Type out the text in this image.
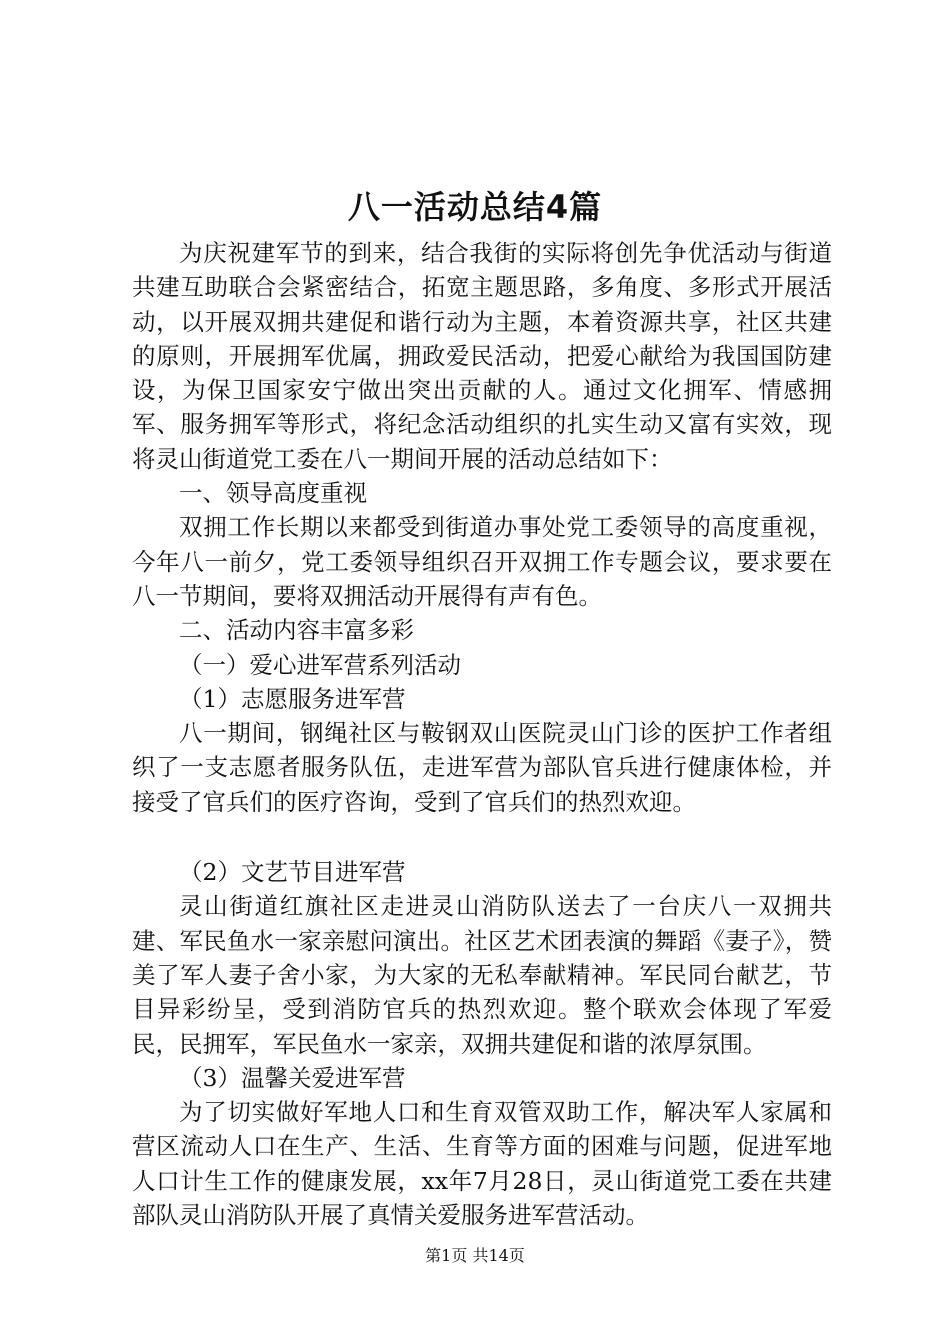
八一活动总结4篇

为庆祝建军节的到来，结合我街的实际将创先争优活动与街道共建互助联合会紧密结合，拓宽主题思路，多角度、多形式开展活动，以开展双拥共建促和谐行动为主题，本着资源共享，社区共建的原则，开展拥军优属，拥政爱民活动，把爱心献给为我国国防建设，为保卫国家安宁做出突出贡献的人。通过文化拥军、情感拥军、服务拥军等形式，将纪念活动组织的扎实生动又富有实效，现将灵山街道党工委在八一期间开展的活动总结如下：

一、领导高度重视

双拥工作长期以来都受到街道办事处党工委领导的高度重视，今年八一前夕，党工委领导组织召开双拥工作专题会议，要求要在八一节期间，要将双拥活动开展得有声有色。

二、活动内容丰富多彩

（一）爱心进军营系列活动

（1）志愿服务进军营

八一期间，钢绳社区与鞍钢双山医院灵山门诊的医护工作者组织了一支志愿者服务队伍，走进军营为部队官兵进行健康体检，并接受了官兵们的医疗咨询，受到了官兵们的热烈欢迎。

（2）文艺节目进军营

灵山街道红旗社区走进灵山消防队送去了一台庆八一双拥共建、军民鱼水一家亲慰问演出。社区艺术团表演的舞蹈《妻子》，赞美了军人妻子舍小家，为大家的无私奉献精神。军民同台献艺，节目异彩纷呈，受到消防官兵的热烈欢迎。整个联欢会体现了军爱民，民拥军，军民鱼水一家亲，双拥共建促和谐的浓厚氛围。

（3）温馨关爱进军营

为了切实做好军地人口和生育双管双助工作，解决军人家属和营区流动人口在生产、生活、生育等方面的困难与问题，促进军地人口计生工作的健康发展，xx年7月28日，灵山街道党工委在共建部队灵山消防队开展了真情关爱服务进军营活动。

第1页 共14页
